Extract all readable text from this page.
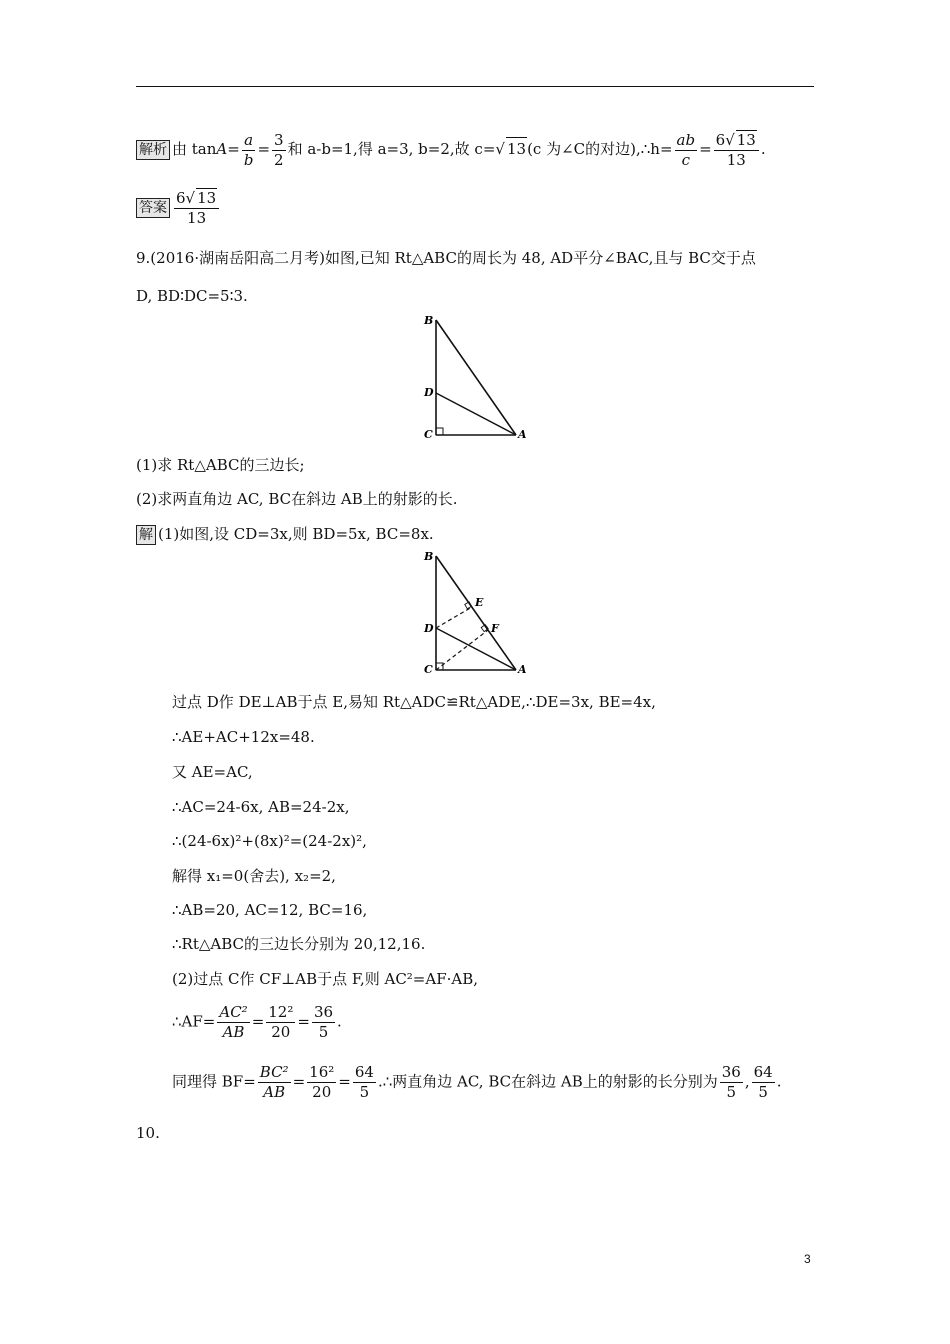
解析 由 $\tan A= \frac{a}{b} = \frac{3}{2}$ 和 a-b=1,得 a=3, b=2,故 c=√ 13(c 为∠C的对边),∴h= $\frac{ab}{c} = \frac{6√ 13}{13}$ .
答案 $\frac{6√ 13}{13}$
9.(2016·湖南岳阳高二月考)如图,已知 Rt△ABC的周长为 48, AD平分∠BAC,且与 BC交于点
D, BD∶DC=5∶3.
B
D
C	A
(1)求 Rt△ABC的三边长;
(2)求两直角边 AC, BC在斜边 AB上的射影的长.
解 (1)如图,设 CD=3x,则 BD=5x, BC=8x.
B
E
D	F
C	A
过点 D作 DE⊥AB于点 E,易知 Rt△ADC≌Rt△ADE,∴DE=3x, BE=4x,
∴AE+AC+12x=48.
又 AE=AC,
∴AC=24-6x, AB=24-2x,
∴(24-6x)²+(8x)²=(24-2x)²,
解得 x₁=0(舍去), x₂=2,
∴AB=20, AC=12, BC=16,
∴Rt△ABC的三边长分别为 20,12,16.
(2)过点 C作 CF⊥AB于点 F,则 AC²=AF·AB,
∴AF= $\frac{\text{AC²}}{AB} = \frac{\text{12²}}{20} = \frac{36}{5}$ .
同理得 $BF= \frac{\text{BC²}}{AB} = \frac{\text{16²}}{20} = \frac{64}{5}$ .∴两直角边 AC, BC在斜边 AB上的射影的长分别为 $\frac{36}{5}$ , $\frac{64}{5}$ .
10.
3
